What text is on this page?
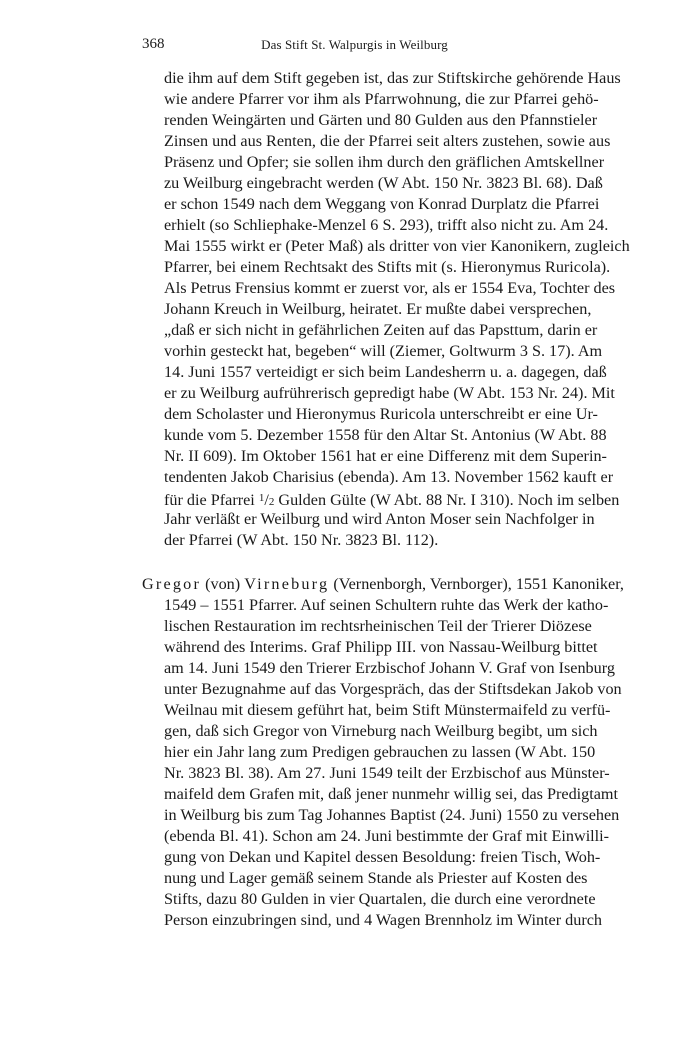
368	Das Stift St. Walpurgis in Weilburg
die ihm auf dem Stift gegeben ist, das zur Stiftskirche gehörende Haus
wie andere Pfarrer vor ihm als Pfarrwohnung, die zur Pfarrei gehö-
renden Weingärten und Gärten und 80 Gulden aus den Pfannstieler
Zinsen und aus Renten, die der Pfarrei seit alters zustehen, sowie aus
Präsenz und Opfer; sie sollen ihm durch den gräflichen Amtskellner
zu Weilburg eingebracht werden (W Abt. 150 Nr. 3823 Bl. 68). Daß
er schon 1549 nach dem Weggang von Konrad Durplatz die Pfarrei
erhielt (so Schliephake-Menzel 6 S. 293), trifft also nicht zu. Am 24.
Mai 1555 wirkt er (Peter Maß) als dritter von vier Kanonikern, zugleich
Pfarrer, bei einem Rechtsakt des Stifts mit (s. Hieronymus Ruricola).
Als Petrus Frensius kommt er zuerst vor, als er 1554 Eva, Tochter des
Johann Kreuch in Weilburg, heiratet. Er mußte dabei versprechen,
„daß er sich nicht in gefährlichen Zeiten auf das Papsttum, darin er
vorhin gesteckt hat, begeben“ will (Ziemer, Goltwurm 3 S. 17). Am
14. Juni 1557 verteidigt er sich beim Landesherrn u. a. dagegen, daß
er zu Weilburg aufrührerisch gepredigt habe (W Abt. 153 Nr. 24). Mit
dem Scholaster und Hieronymus Ruricola unterschreibt er eine Ur-
kunde vom 5. Dezember 1558 für den Altar St. Antonius (W Abt. 88
Nr. II 609). Im Oktober 1561 hat er eine Differenz mit dem Superin-
tendenten Jakob Charisius (ebenda). Am 13. November 1562 kauft er
für die Pfarrei $^1$/2 Gulden Gülte (W Abt. 88 Nr. I 310). Noch im selben
Jahr verläßt er Weilburg und wird Anton Moser sein Nachfolger in
der Pfarrei (W Abt. 150 Nr. 3823 Bl. 112).
Gregor (von) Virneburg (Vernenborgh, Vernborger), 1551 Kanoniker,
1549 – 1551 Pfarrer. Auf seinen Schultern ruhte das Werk der katho-
lischen Restauration im rechtsrheinischen Teil der Trierer Diözese
während des Interims. Graf Philipp III. von Nassau-Weilburg bittet
am 14. Juni 1549 den Trierer Erzbischof Johann V. Graf von Isenburg
unter Bezugnahme auf das Vorgespräch, das der Stiftsdekan Jakob von
Weilnau mit diesem geführt hat, beim Stift Münstermaifeld zu verfü-
gen, daß sich Gregor von Virneburg nach Weilburg begibt, um sich
hier ein Jahr lang zum Predigen gebrauchen zu lassen (W Abt. 150
Nr. 3823 Bl. 38). Am 27. Juni 1549 teilt der Erzbischof aus Münster-
maifeld dem Grafen mit, daß jener nunmehr willig sei, das Predigtamt
in Weilburg bis zum Tag Johannes Baptist (24. Juni) 1550 zu versehen
(ebenda Bl. 41). Schon am 24. Juni bestimmte der Graf mit Einwilli-
gung von Dekan und Kapitel dessen Besoldung: freien Tisch, Woh-
nung und Lager gemäß seinem Stande als Priester auf Kosten des
Stifts, dazu 80 Gulden in vier Quartalen, die durch eine verordnete
Person einzubringen sind, und 4 Wagen Brennholz im Winter durch
